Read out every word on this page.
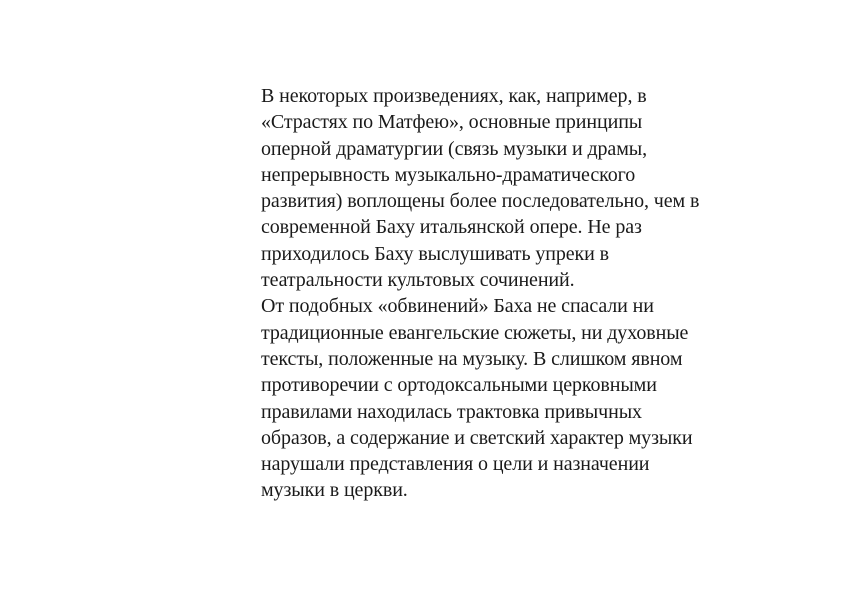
В некоторых произведениях, как, например, в
«Страстях по Матфею», основные принципы
оперной драматургии (связь музыки и драмы,
непрерывность музыкально-драматического
развития) воплощены более последовательно, чем в
современной Баху итальянской опере. Не раз
приходилось Баху выслушивать упреки в
театральности культовых сочинений.
От подобных «обвинений» Баха не спасали ни
традиционные евангельские сюжеты, ни духовные
тексты, положенные на музыку. В слишком явном
противоречии с ортодоксальными церковными
правилами находилась трактовка привычных
образов, а содержание и светский характер музыки
нарушали представления о цели и назначении
музыки в церкви.
